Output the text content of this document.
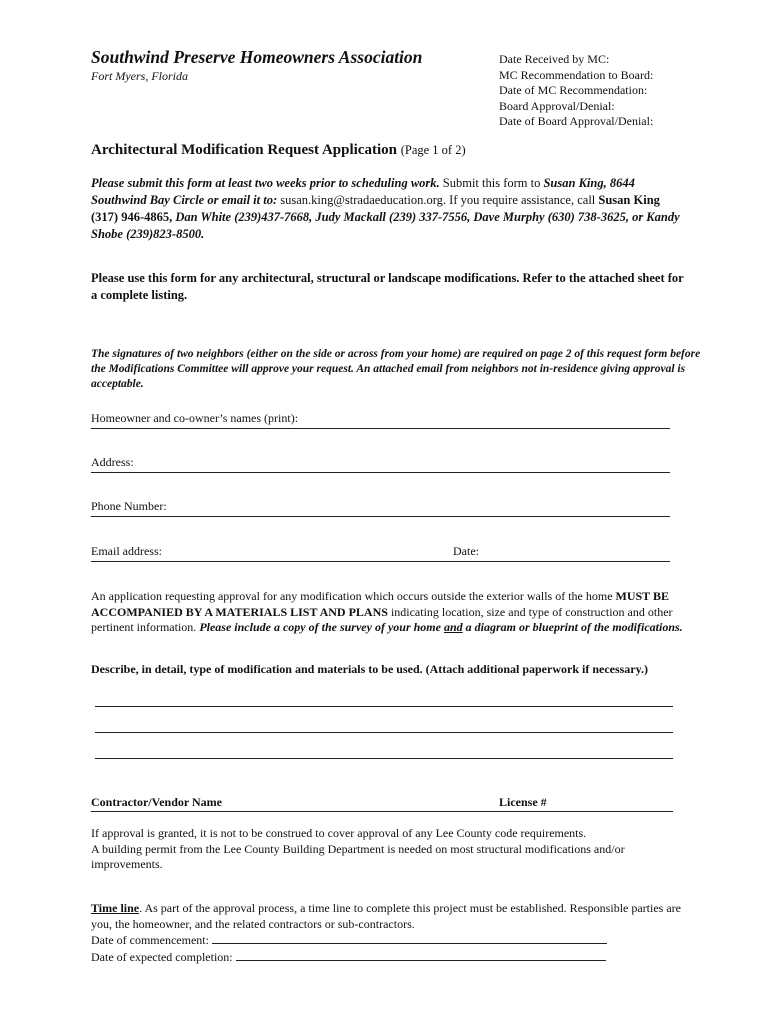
Southwind Preserve Homeowners Association
Fort Myers, Florida
Date Received by MC:
MC Recommendation to Board:
Date of MC Recommendation:
Board Approval/Denial:
Date of Board Approval/Denial:
Architectural Modification Request Application (Page 1 of 2)
Please submit this form at least two weeks prior to scheduling work. Submit this form to Susan King, 8644 Southwind Bay Circle or email it to: susan.king@stradaeducation.org. If you require assistance, call Susan King (317) 946-4865, Dan White (239)437-7668, Judy Mackall (239) 337-7556, Dave Murphy (630) 738-3625, or Kandy Shobe (239)823-8500.
Please use this form for any architectural, structural or landscape modifications. Refer to the attached sheet for a complete listing.
The signatures of two neighbors (either on the side or across from your home) are required on page 2 of this request form before the Modifications Committee will approve your request. An attached email from neighbors not in-residence giving approval is acceptable.
Homeowner and co-owner’s names (print):
Address:
Phone Number:
Email address:	Date:
An application requesting approval for any modification which occurs outside the exterior walls of the home MUST BE ACCOMPANIED BY A MATERIALS LIST AND PLANS indicating location, size and type of construction and other pertinent information. Please include a copy of the survey of your home and a diagram or blueprint of the modifications.
Describe, in detail, type of modification and materials to be used. (Attach additional paperwork if necessary.)
Contractor/Vendor Name	License #
If approval is granted, it is not to be construed to cover approval of any Lee County code requirements.
A building permit from the Lee County Building Department is needed on most structural modifications and/or improvements.
Time line. As part of the approval process, a time line to complete this project must be established. Responsible parties are you, the homeowner, and the related contractors or sub-contractors.
Date of commencement:
Date of expected completion:
